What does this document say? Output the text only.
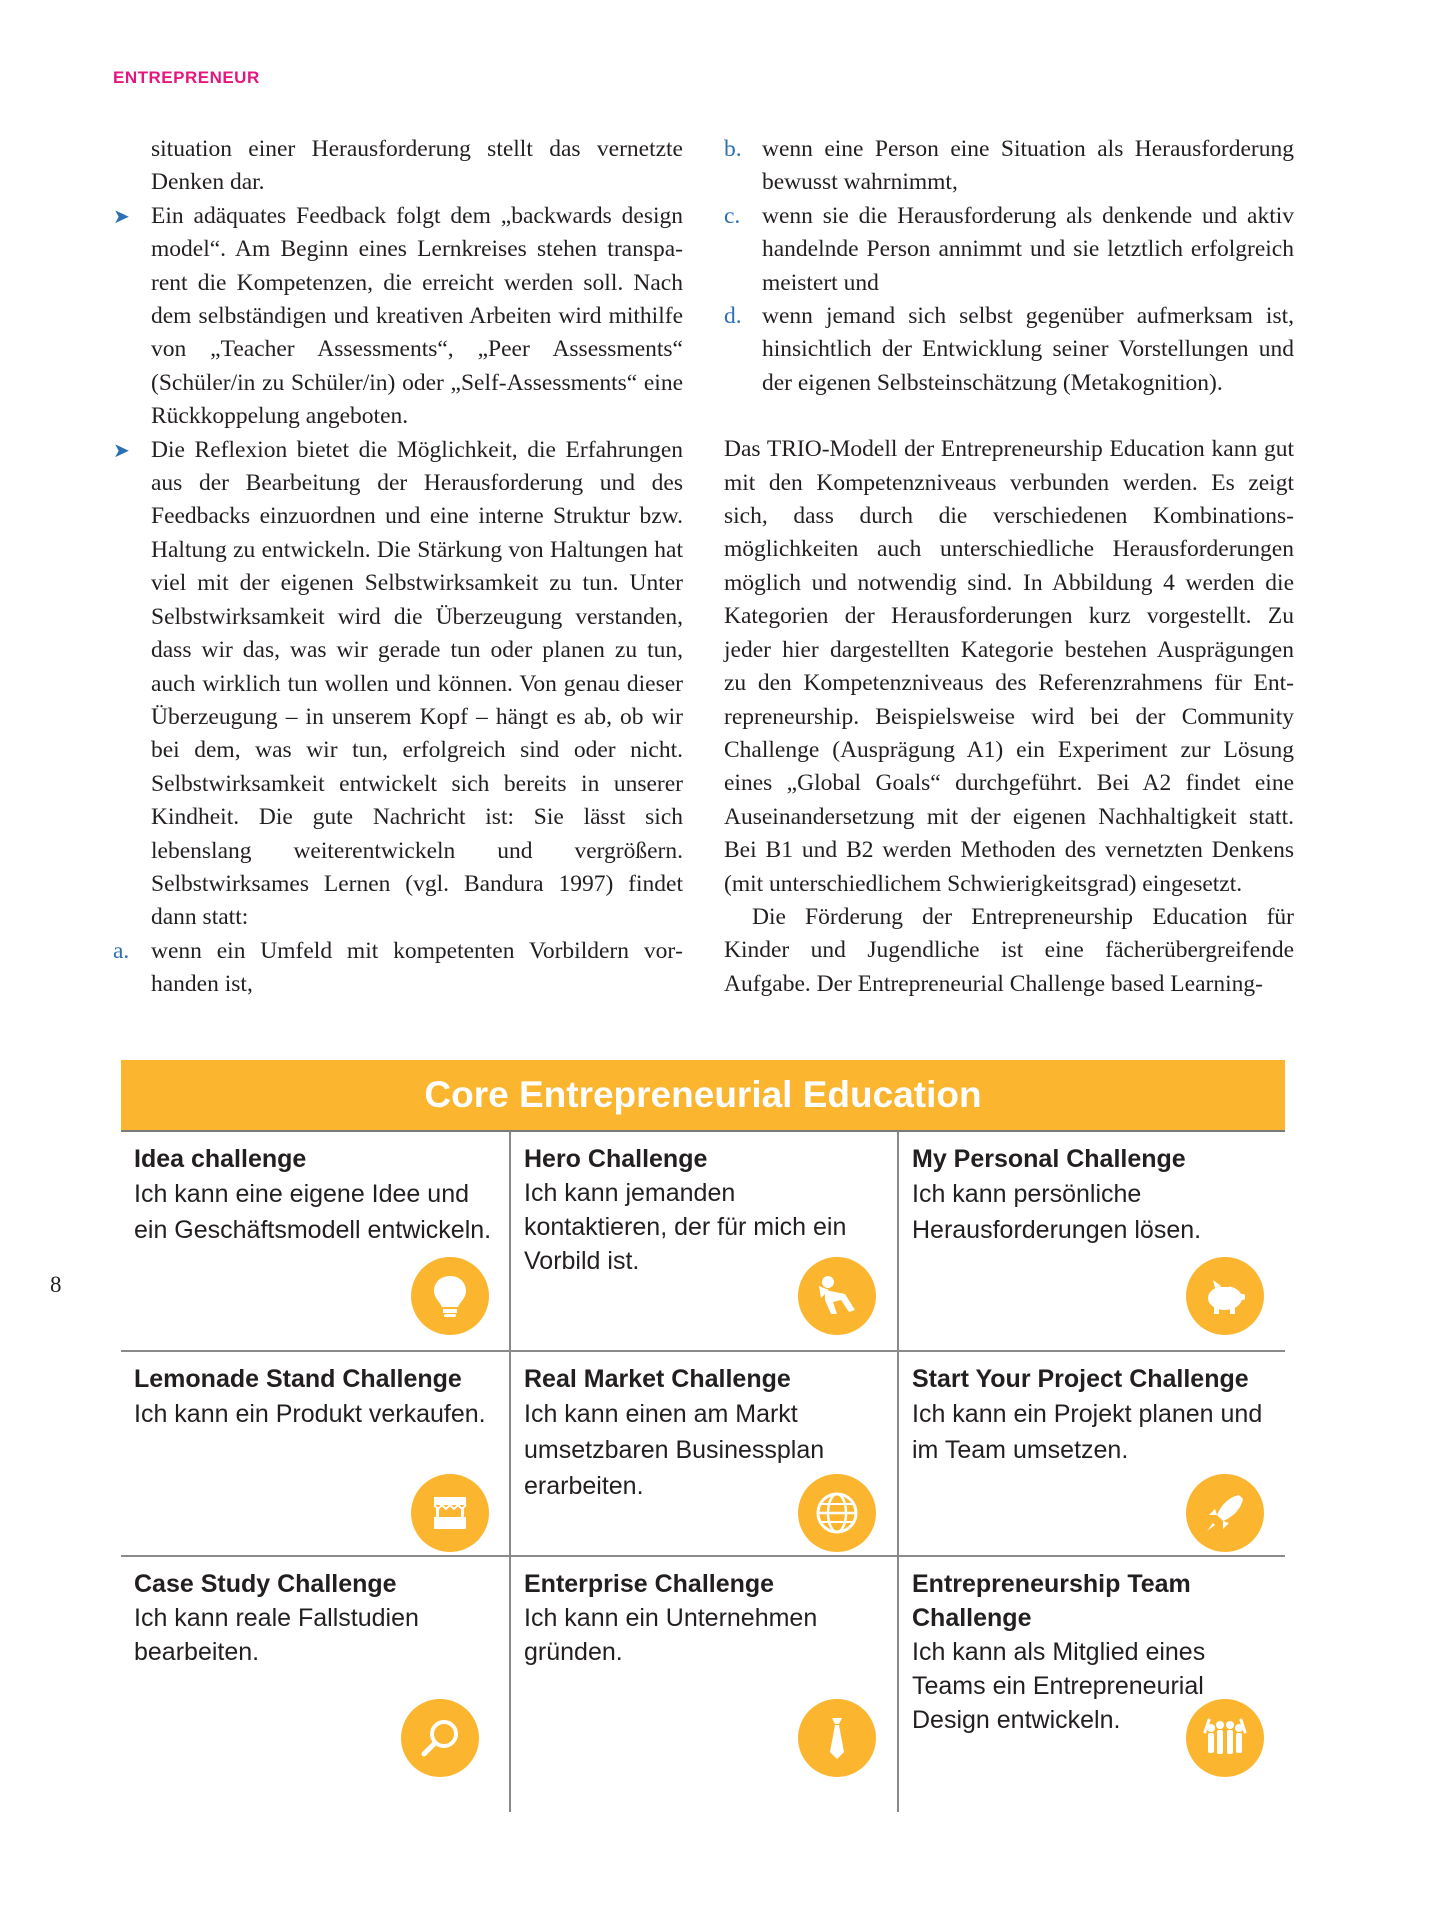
ENTREPRENEUR
situation einer Herausforderung stellt das vernetzte Denken dar.
➤ Ein adäquates Feedback folgt dem „backwards design model“. Am Beginn eines Lernkreises stehen transparent die Kompetenzen, die erreicht werden soll. Nach dem selbständigen und kreativen Arbeiten wird mithilfe von „Teacher Assessments“, „Peer Assessments“ (Schüler/in zu Schüler/in) oder „Self-Assessments“ eine Rückkoppelung angeboten.
➤ Die Reflexion bietet die Möglichkeit, die Erfahrungen aus der Bearbeitung der Herausforderung und des Feedbacks einzuordnen und eine interne Struktur bzw. Haltung zu entwickeln. Die Stärkung von Haltungen hat viel mit der eigenen Selbstwirksamkeit zu tun. Unter Selbstwirksamkeit wird die Überzeugung verstanden, dass wir das, was wir gerade tun oder planen zu tun, auch wirklich tun wollen und können. Von genau dieser Überzeugung – in unserem Kopf – hängt es ab, ob wir bei dem, was wir tun, erfolgreich sind oder nicht. Selbstwirksamkeit entwickelt sich bereits in unserer Kindheit. Die gute Nachricht ist: Sie lässt sich lebenslang weiterentwickeln und vergrößern. Selbstwirksames Lernen (vgl. Bandura 1997) findet dann statt:
a. wenn ein Umfeld mit kompetenten Vorbildern vorhanden ist,
b. wenn eine Person eine Situation als Herausforderung bewusst wahrnimmt,
c. wenn sie die Herausforderung als denkende und aktiv handelnde Person annimmt und sie letztlich erfolgreich meistert und
d. wenn jemand sich selbst gegenüber aufmerksam ist, hinsichtlich der Entwicklung seiner Vorstellungen und der eigenen Selbsteinschätzung (Metakognition).
Das TRIO-Modell der Entrepreneurship Education kann gut mit den Kompetenzniveaus verbunden werden. Es zeigt sich, dass durch die verschiedenen Kombinationsmöglichkeiten auch unterschiedliche Herausforderungen möglich und notwendig sind. In Abbildung 4 werden die Kategorien der Herausforderungen kurz vorgestellt. Zu jeder hier dargestellten Kategorie bestehen Ausprägungen zu den Kompetenzniveaus des Referenzrahmens für Entrepreneurship. Beispielsweise wird bei der Community Challenge (Ausprägung A1) ein Experiment zur Lösung eines „Global Goals“ durchgeführt. Bei A2 findet eine Auseinandersetzung mit der eigenen Nachhaltigkeit statt. Bei B1 und B2 werden Methoden des vernetzten Denkens (mit unterschiedlichem Schwierigkeitsgrad) eingesetzt.
Die Förderung der Entrepreneurship Education für Kinder und Jugendliche ist eine fächerübergreifende Aufgabe. Der Entrepreneurial Challenge based Learning-
8
Core Entrepreneurial Education
Idea challenge
Ich kann eine eigene Idee und ein Geschäftsmodell entwickeln.
Hero Challenge
Ich kann jemanden kontaktieren, der für mich ein Vorbild ist.
My Personal Challenge
Ich kann persönliche Herausforderungen lösen.
Lemonade Stand Challenge
Ich kann ein Produkt verkaufen.
Real Market Challenge
Ich kann einen am Markt umsetzbaren Businessplan erarbeiten.
Start Your Project Challenge
Ich kann ein Projekt planen und im Team umsetzen.
Case Study Challenge
Ich kann reale Fallstudien bearbeiten.
Enterprise Challenge
Ich kann ein Unternehmen gründen.
Entrepreneurship Team Challenge
Ich kann als Mitglied eines Teams ein Entrepreneurial Design entwickeln.
